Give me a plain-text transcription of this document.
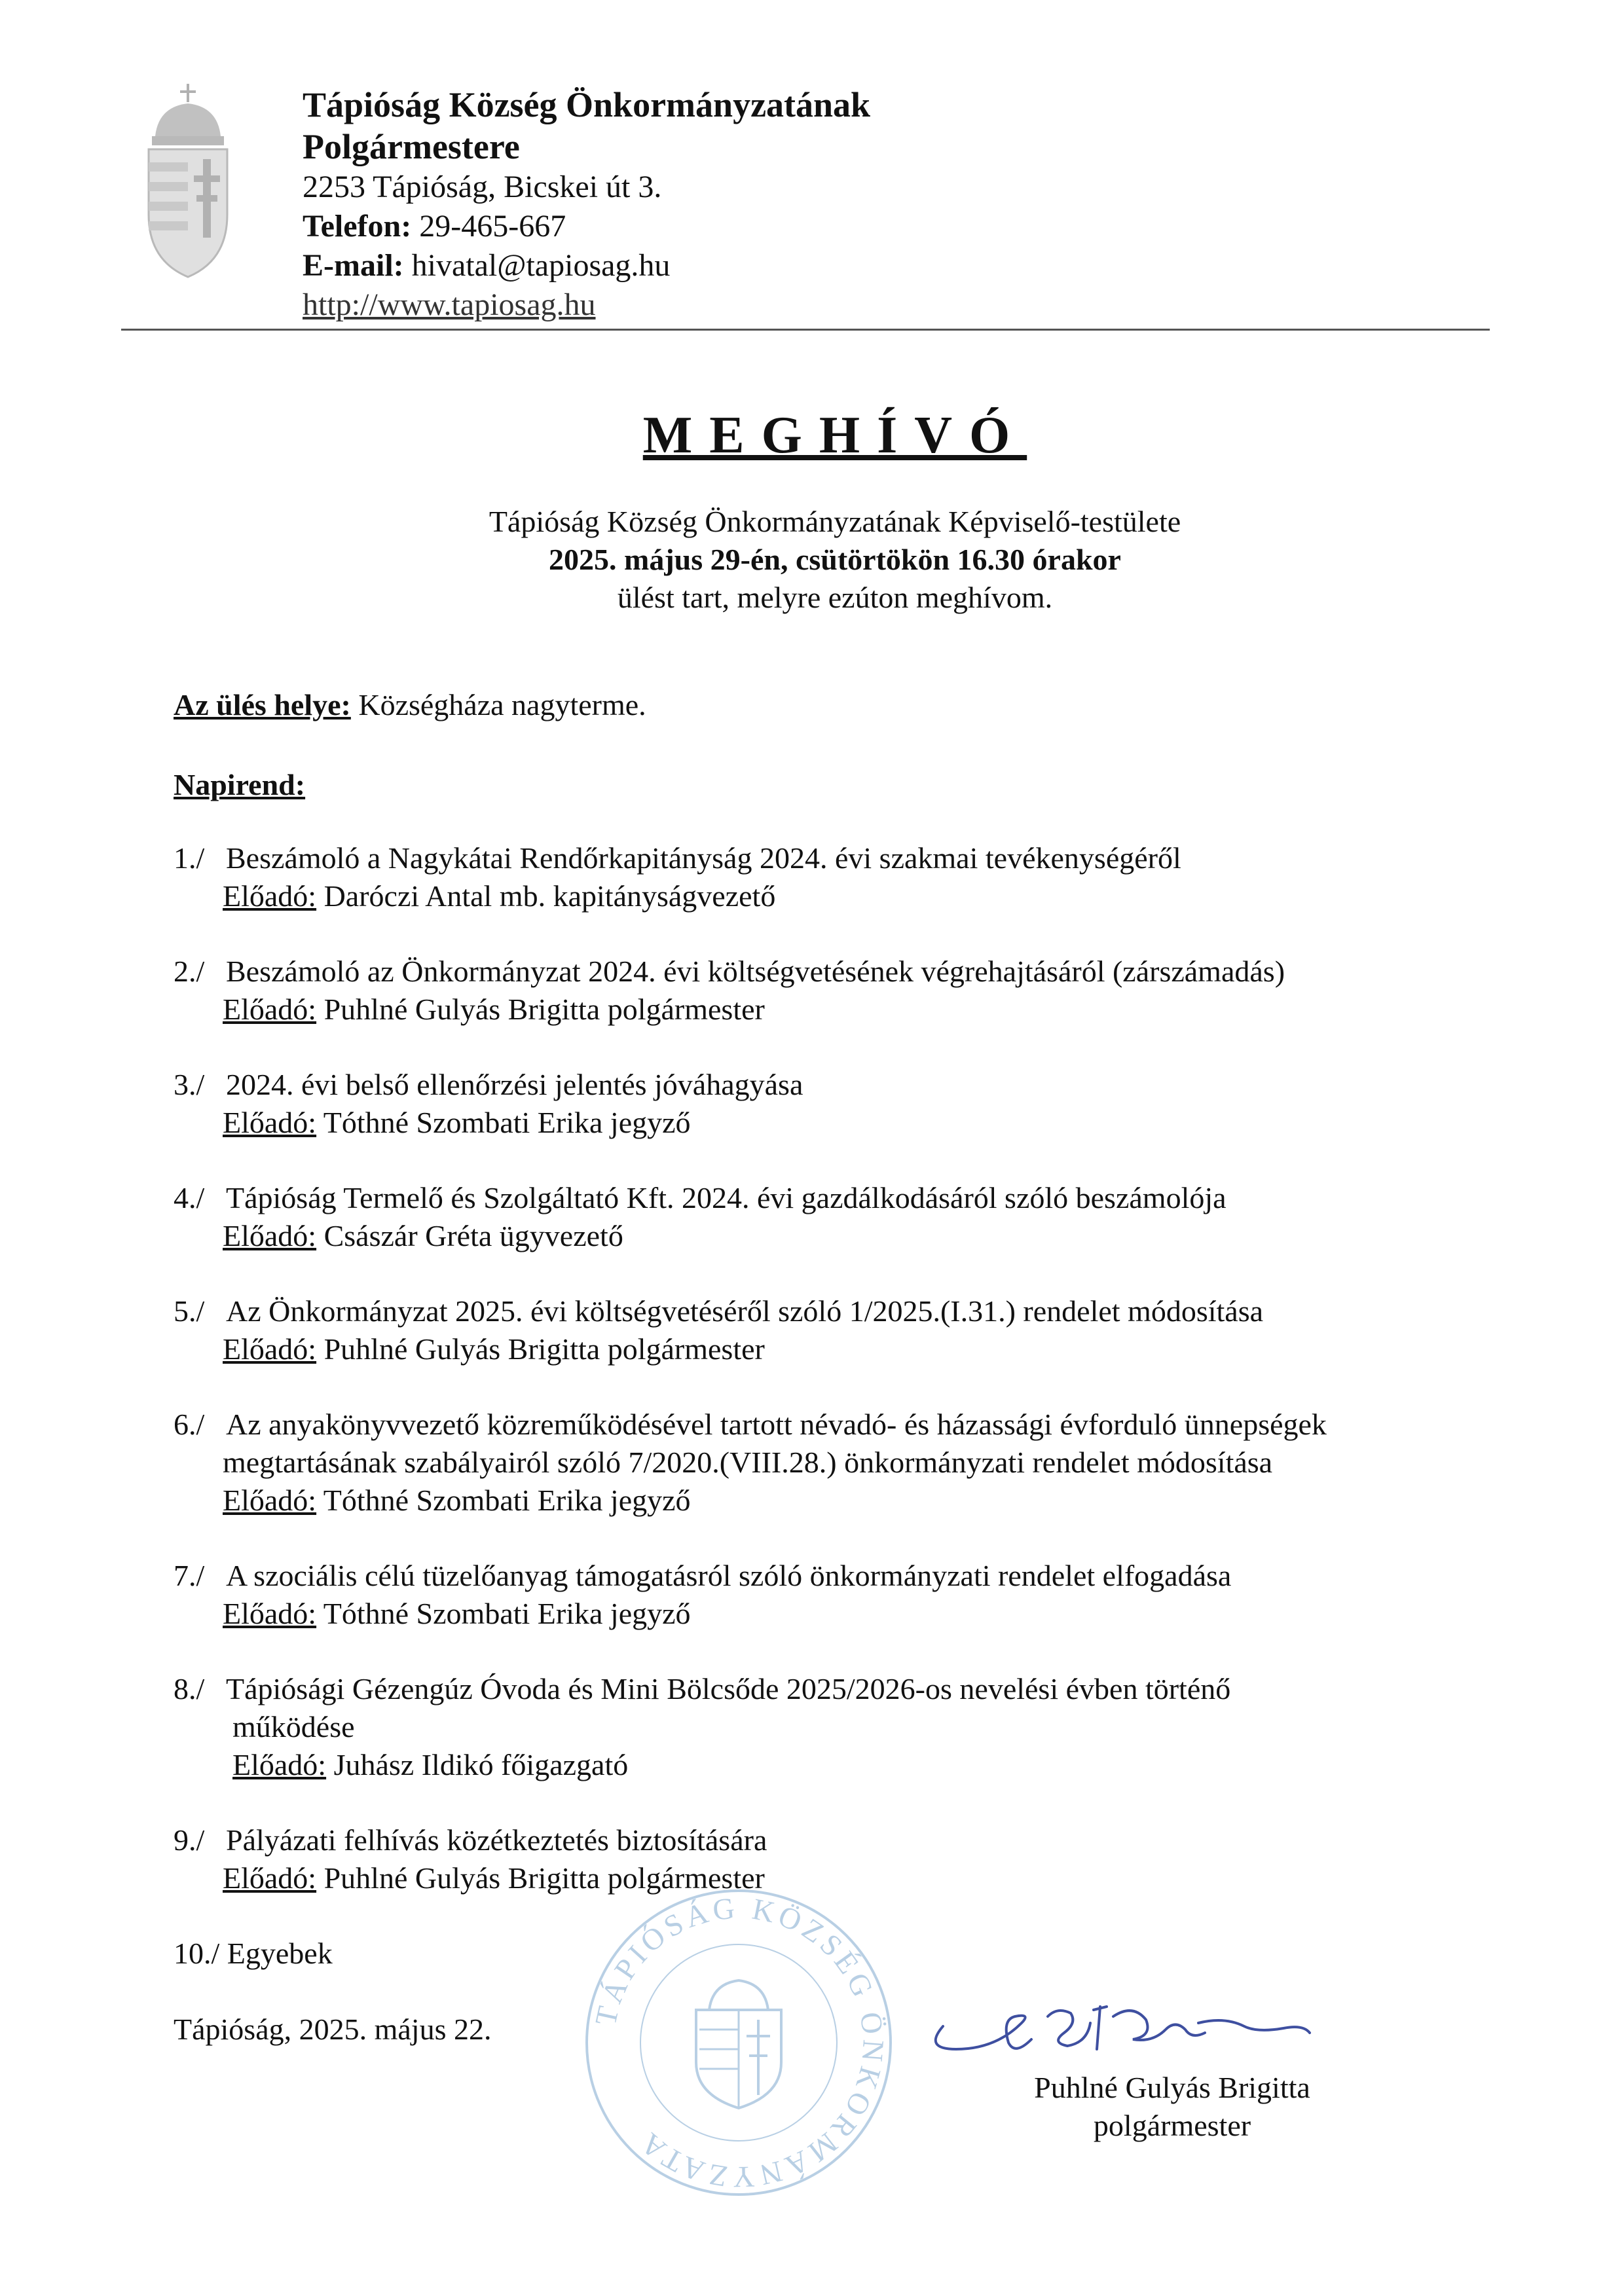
Tápióság Község Önkormányzatának
Polgármestere
2253 Tápióság, Bicskei út 3.
Telefon: 29-465-667
E-mail: hivatal@tapiosag.hu
http://www.tapiosag.hu
MEGHÍVÓ
Tápióság Község Önkormányzatának Képviselő-testülete
2025. május 29-én, csütörtökön 16.30 órakor
ülést tart, melyre ezúton meghívom.
Az ülés helye: Községháza nagyterme.
Napirend:
1./ Beszámoló a Nagykátai Rendőrkapitányság 2024. évi szakmai tevékenységéről
Előadó: Daróczi Antal mb. kapitányságvezető
2./ Beszámoló az Önkormányzat 2024. évi költségvetésének végrehajtásáról (zárszámadás)
Előadó: Puhlné Gulyás Brigitta polgármester
3./ 2024. évi belső ellenőrzési jelentés jóváhagyása
Előadó: Tóthné Szombati Erika jegyző
4./ Tápióság Termelő és Szolgáltató Kft. 2024. évi gazdálkodásáról szóló beszámolója
Előadó: Császár Gréta ügyvezető
5./ Az Önkormányzat 2025. évi költségvetéséről szóló 1/2025.(I.31.) rendelet módosítása
Előadó: Puhlné Gulyás Brigitta polgármester
6./ Az anyakönyvvezető közreműködésével tartott névadó- és házassági évforduló ünnepségek
megtartásának szabályairól szóló 7/2020.(VIII.28.) önkormányzati rendelet módosítása
Előadó: Tóthné Szombati Erika jegyző
7./ A szociális célú tüzelőanyag támogatásról szóló önkormányzati rendelet elfogadása
Előadó: Tóthné Szombati Erika jegyző
8./ Tápiósági Gézengúz Óvoda és Mini Bölcsőde 2025/2026-os nevelési évben történő
működése
Előadó: Juhász Ildikó főigazgató
9./ Pályázati felhívás közétkeztetés biztosítására
Előadó: Puhlné Gulyás Brigitta polgármester
10./ Egyebek
Tápióság, 2025. május 22.	TÁPIÓSÁG KÖZSÉG ÖNKORMÁNYZATA
Puhlné Gulyás Brigitta
polgármester
